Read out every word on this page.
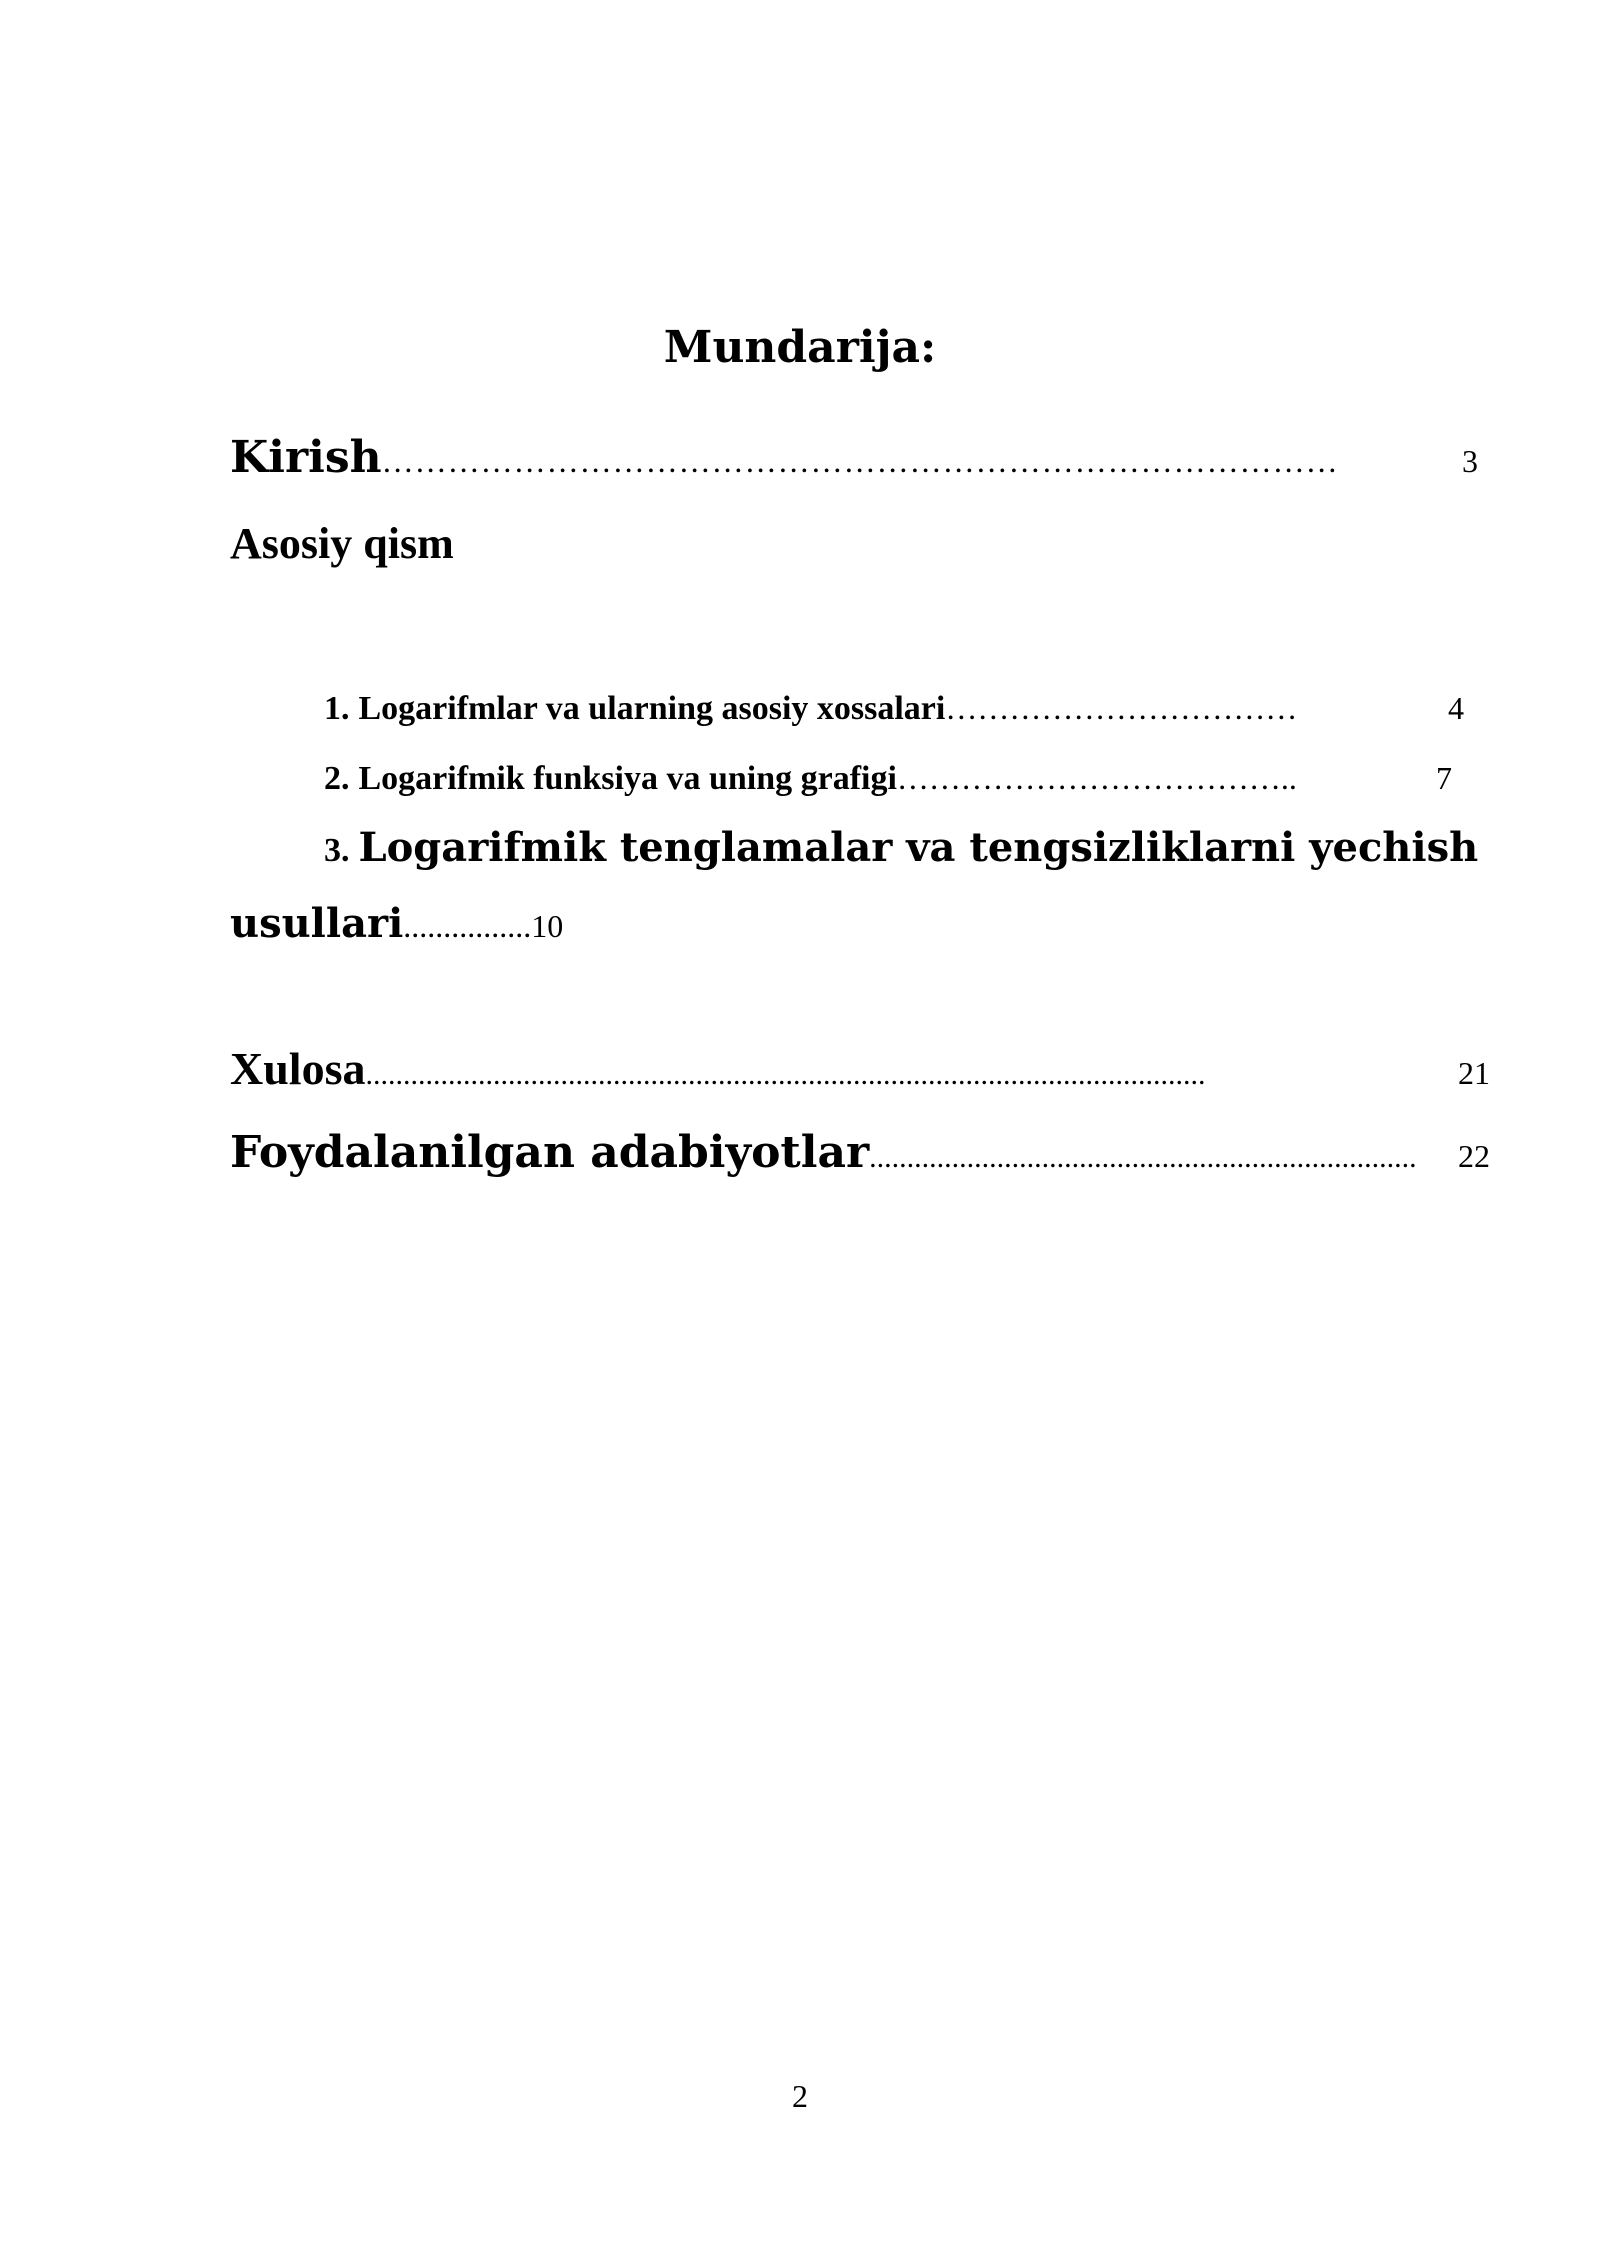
Mundarija:
Kirish ……………………………………………………………………………	3
Asosiy qism
1. Logarifmlar va ularning asosiy xossalari ……………………………	4
2. Logarifmik funksiya va uning grafigi ………………………………..	7
3. Logarifmik tenglamalar va tengsizliklarni yechish
usullari ................ 10
Xulosa ................................................................................................................	21
Foydalanilgan adabiyotlar .........................................................................	22
2
